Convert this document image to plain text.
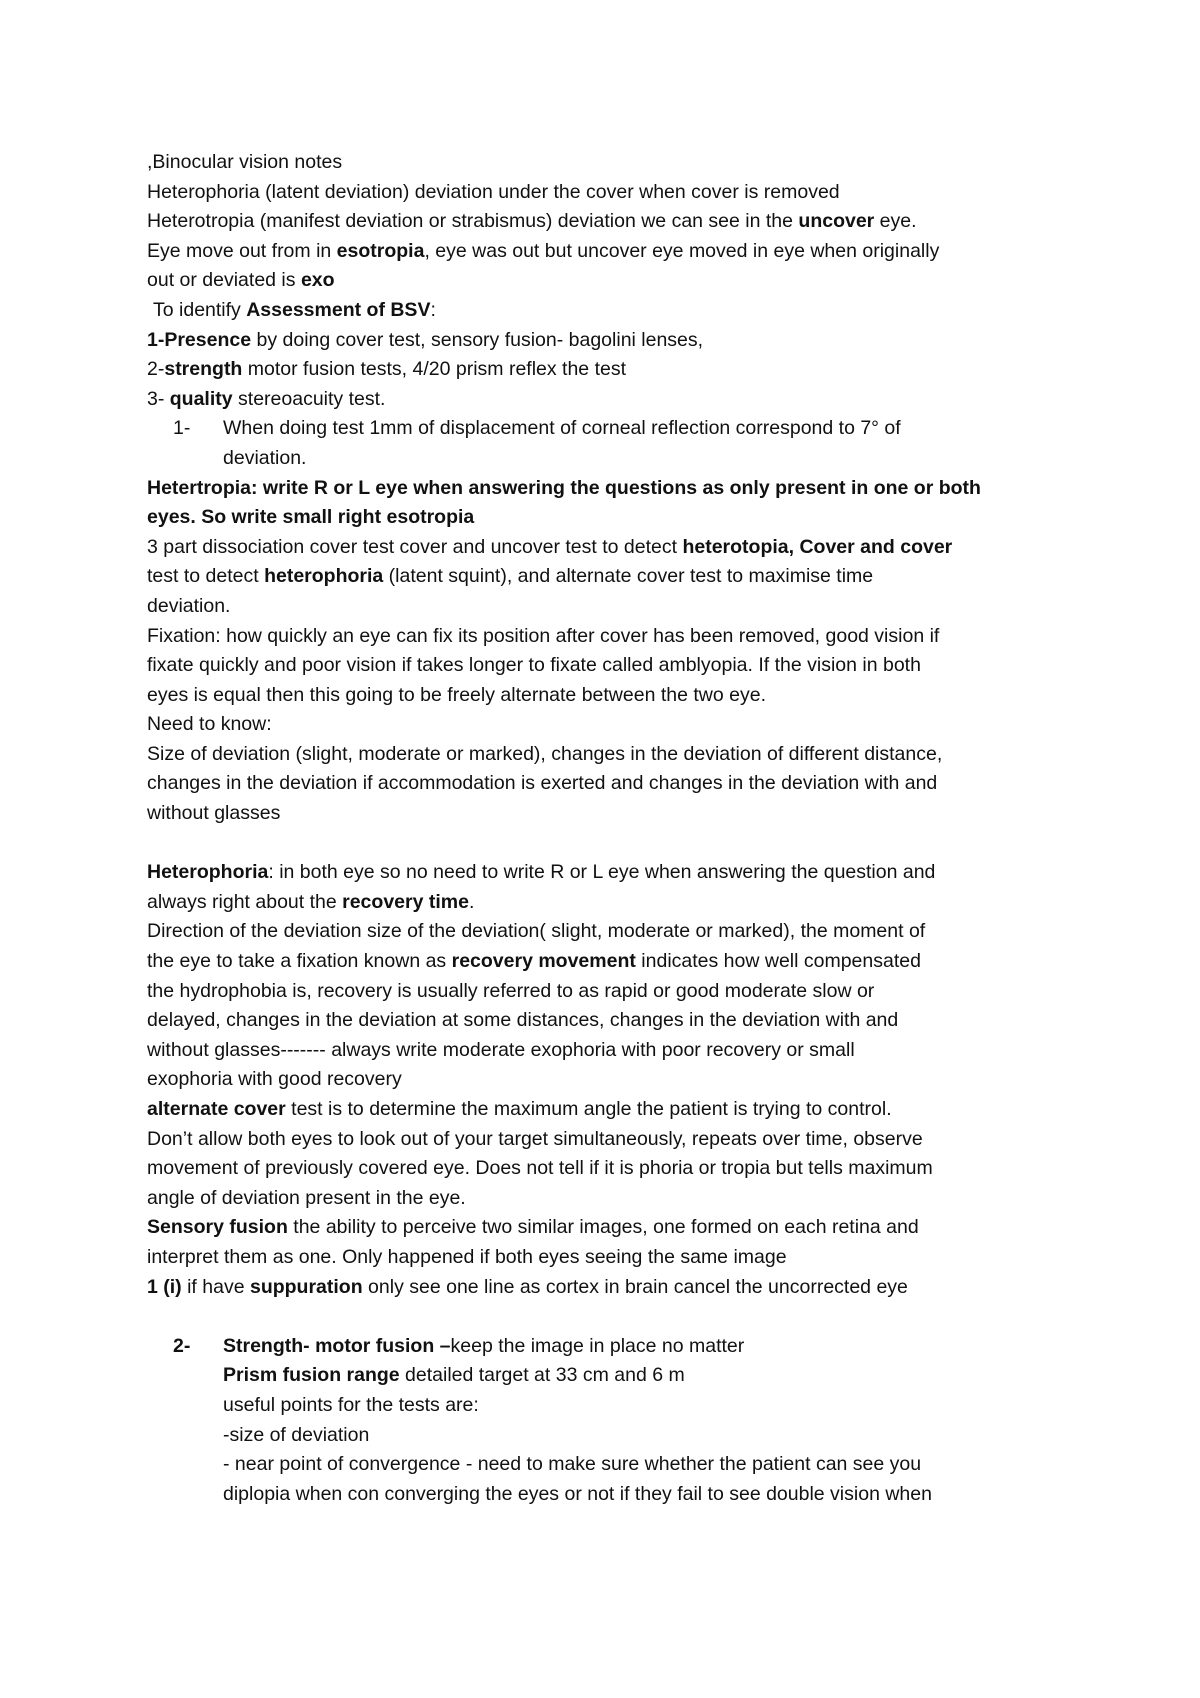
,Binocular vision notes
Heterophoria (latent deviation) deviation under the cover when cover is removed
Heterotropia (manifest deviation or strabismus) deviation we can see in the uncover eye.
Eye move out from in esotropia, eye was out but uncover eye moved in eye when originally
out or deviated is exo
To identify Assessment of BSV:
1-Presence by doing cover test, sensory fusion- bagolini lenses,
2-strength motor fusion tests, 4/20 prism reflex the test
3- quality stereoacuity test.
1-	When doing test 1mm of displacement of corneal reflection correspond to 7° of
deviation.
Hetertropia: write R or L eye when answering the questions as only present in one or both
eyes. So write small right esotropia
3 part dissociation cover test cover and uncover test to detect heterotopia, Cover and cover
test to detect heterophoria (latent squint), and alternate cover test to maximise time
deviation.
Fixation: how quickly an eye can fix its position after cover has been removed, good vision if
fixate quickly and poor vision if takes longer to fixate called amblyopia. If the vision in both
eyes is equal then this going to be freely alternate between the two eye.
Need to know:
Size of deviation (slight, moderate or marked), changes in the deviation of different distance,
changes in the deviation if accommodation is exerted and changes in the deviation with and
without glasses
Heterophoria: in both eye so no need to write R or L eye when answering the question and
always right about the recovery time.
Direction of the deviation size of the deviation( slight, moderate or marked), the moment of
the eye to take a fixation known as recovery movement indicates how well compensated
the hydrophobia is, recovery is usually referred to as rapid or good moderate slow or
delayed, changes in the deviation at some distances, changes in the deviation with and
without glasses------- always write moderate exophoria with poor recovery or small
exophoria with good recovery
alternate cover test is to determine the maximum angle the patient is trying to control.
Don’t allow both eyes to look out of your target simultaneously, repeats over time, observe
movement of previously covered eye. Does not tell if it is phoria or tropia but tells maximum
angle of deviation present in the eye.
Sensory fusion the ability to perceive two similar images, one formed on each retina and
interpret them as one. Only happened if both eyes seeing the same image
1 (i) if have suppuration only see one line as cortex in brain cancel the uncorrected eye
2-	Strength- motor fusion – keep the image in place no matter
Prism fusion range detailed target at 33 cm and 6 m
useful points for the tests are:
-size of deviation
- near point of convergence - need to make sure whether the patient can see you
diplopia when con converging the eyes or not if they fail to see double vision when
